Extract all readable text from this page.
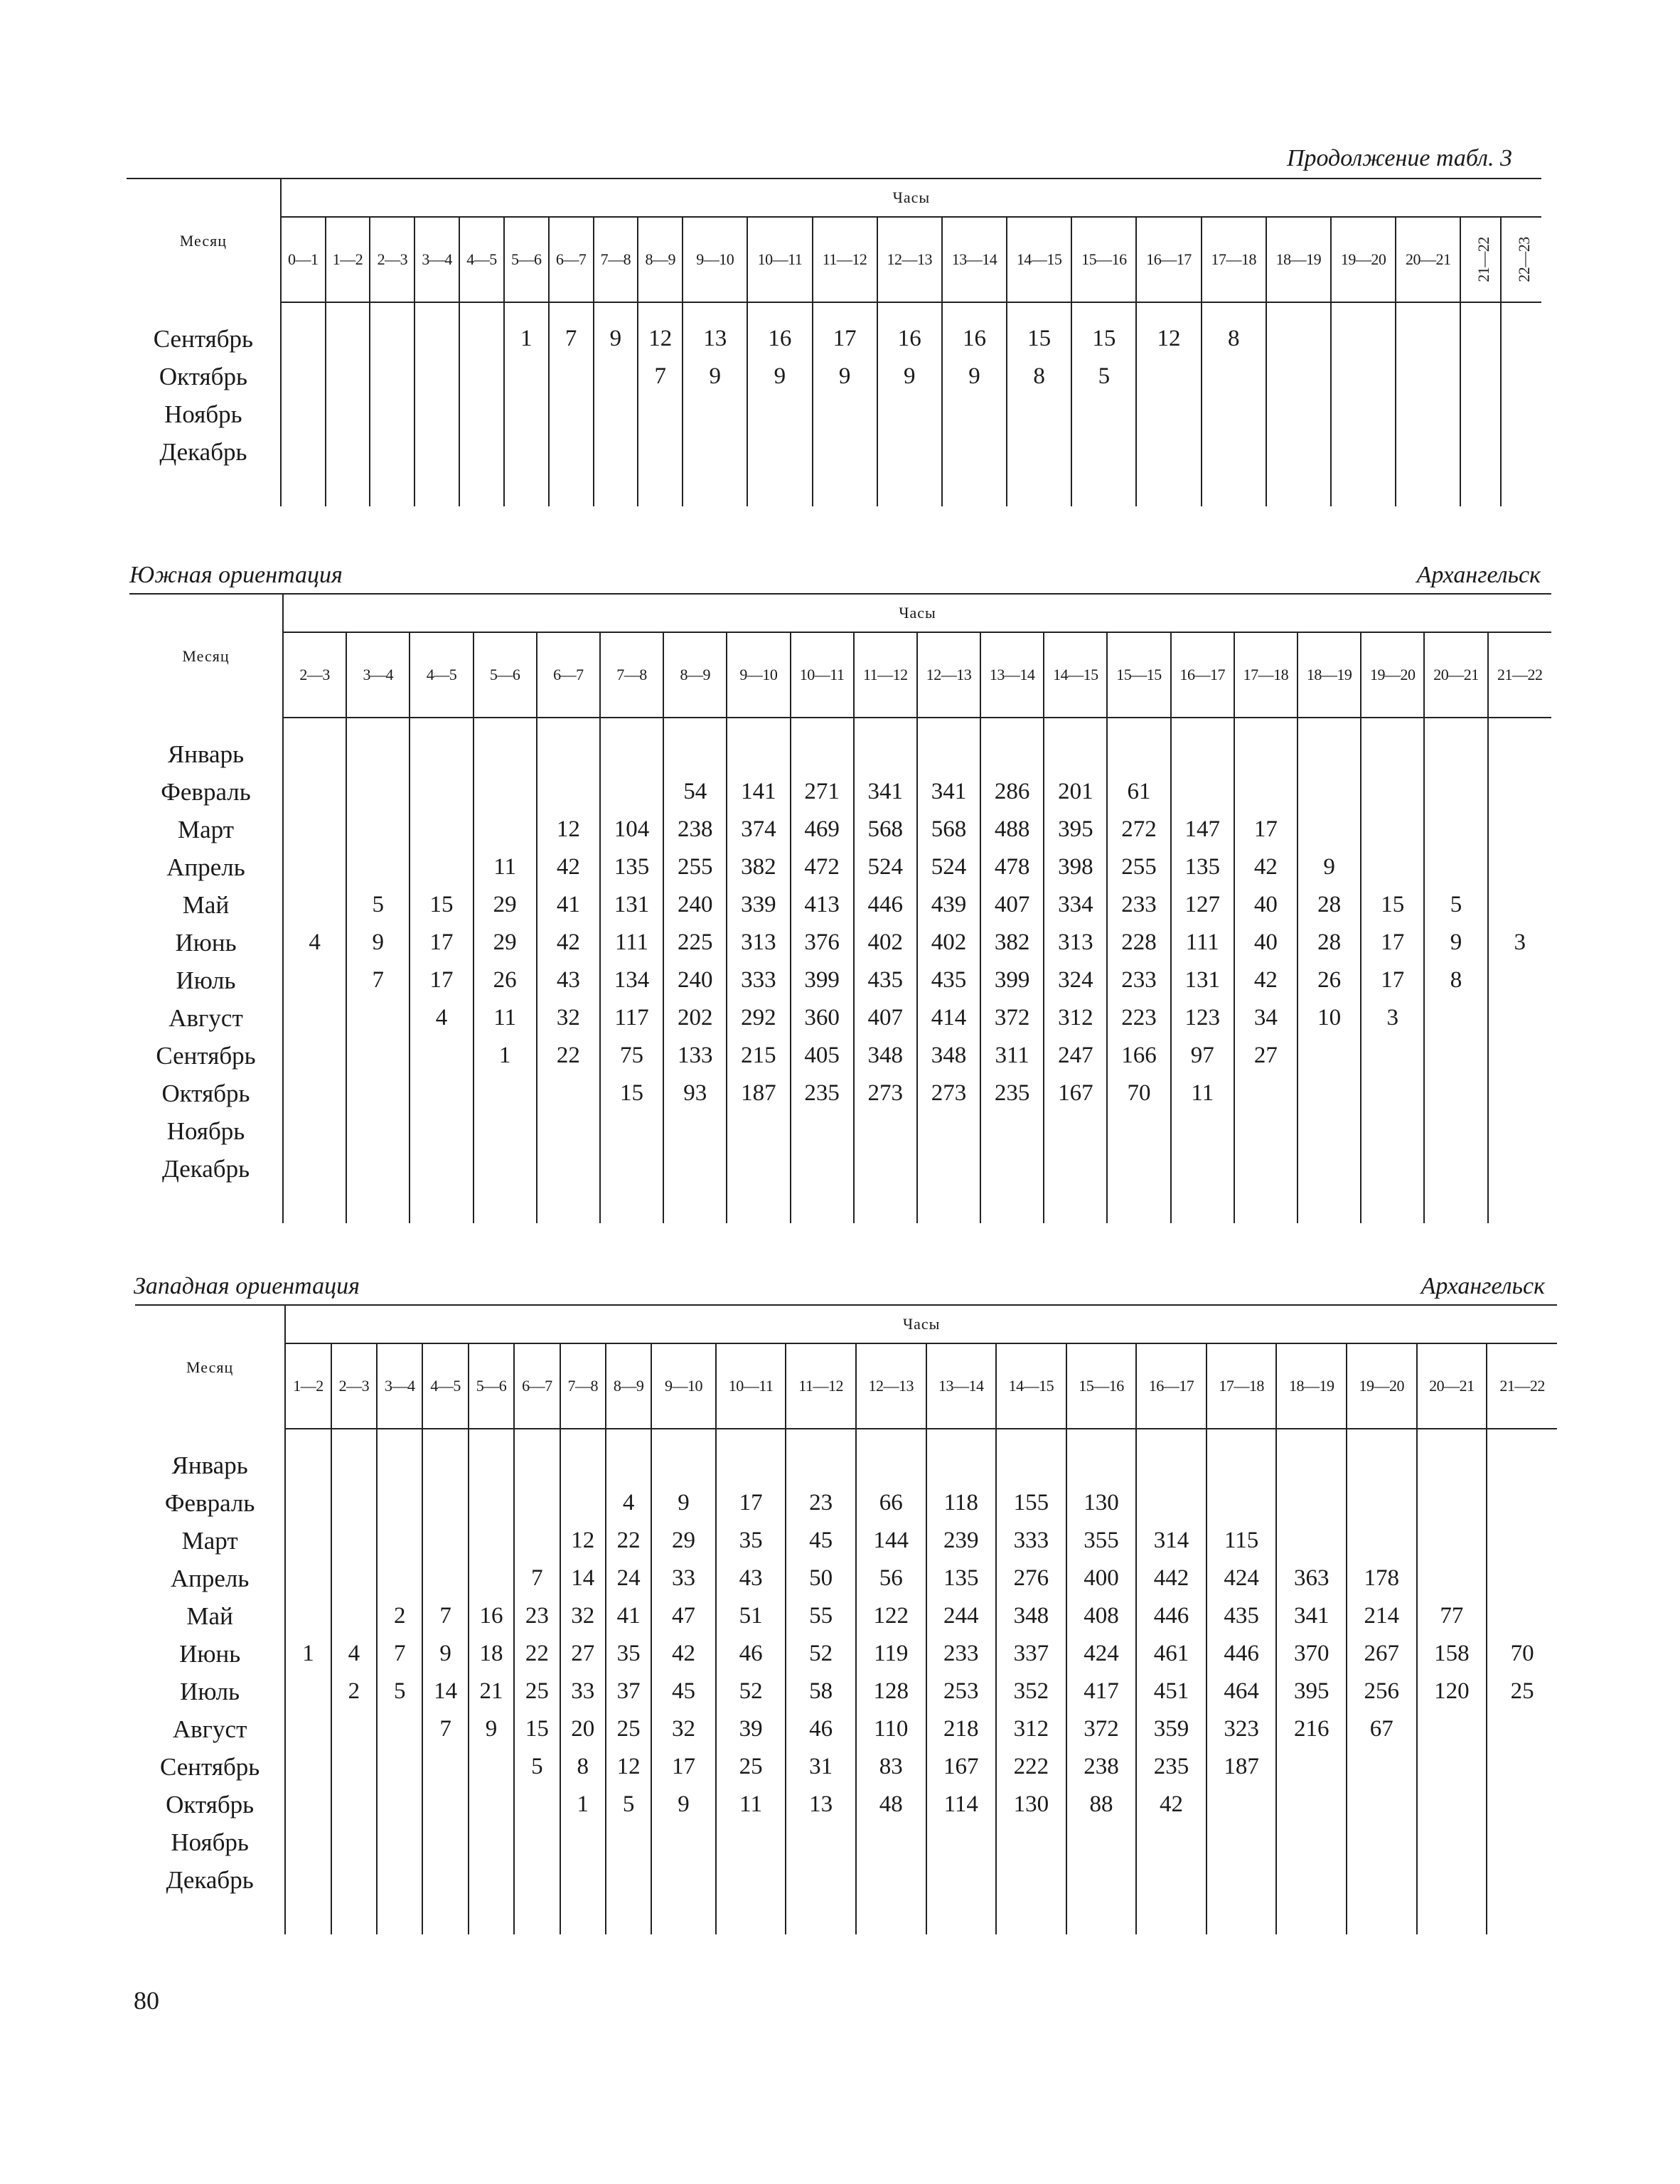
Продолжение табл. 3
Месяц	Часы																						
	0—1	1—2	2—3	3—4	4—5	5—6	6—7	7—8	8—9	9—10	10—11	11—12	12—13	13—14	14—15	15—16	16—17	17—18	18—19	19—20	20—21	21—22	22—23

Сентябрь						1	7	9	12	13	16	17	16	16	15	15	12	8					
Октябрь									7	9	9	9	9	9	8	5							
Ноябрь																							
Декабрь																							

Южная ориентация	Архангельск
Месяц	Часы																			
	2—3	3—4	4—5	5—6	6—7	7—8	8—9	9—10	10—11	11—12	12—13	13—14	14—15	15—15	16—17	17—18	18—19	19—20	20—21	21—22

Январь																				
Февраль							54	141	271	341	341	286	201	61						
Март					12	104	238	374	469	568	568	488	395	272	147	17				
Апрель				11	42	135	255	382	472	524	524	478	398	255	135	42	9			
Май		5	15	29	41	131	240	339	413	446	439	407	334	233	127	40	28	15	5	
Июнь	4	9	17	29	42	111	225	313	376	402	402	382	313	228	111	40	28	17	9	3
Июль		7	17	26	43	134	240	333	399	435	435	399	324	233	131	42	26	17	8	
Август			4	11	32	117	202	292	360	407	414	372	312	223	123	34	10	3		
Сентябрь				1	22	75	133	215	405	348	348	311	247	166	97	27				
Октябрь						15	93	187	235	273	273	235	167	70	11					
Ноябрь																				
Декабрь																				

Западная ориентация	Архангельск
Месяц	Часы																				
	1—2	2—3	3—4	4—5	5—6	6—7	7—8	8—9	9—10	10—11	11—12	12—13	13—14	14—15	15—16	16—17	17—18	18—19	19—20	20—21	21—22

Январь																					
Февраль								4	9	17	23	66	118	155	130						
Март							12	22	29	35	45	144	239	333	355	314	115				
Апрель						7	14	24	33	43	50	56	135	276	400	442	424	363	178		
Май			2	7	16	23	32	41	47	51	55	122	244	348	408	446	435	341	214	77	
Июнь	1	4	7	9	18	22	27	35	42	46	52	119	233	337	424	461	446	370	267	158	70
Июль		2	5	14	21	25	33	37	45	52	58	128	253	352	417	451	464	395	256	120	25
Август				7	9	15	20	25	32	39	46	110	218	312	372	359	323	216	67		
Сентябрь						5	8	12	17	25	31	83	167	222	238	235	187				
Октябрь							1	5	9	11	13	48	114	130	88	42					
Ноябрь																					
Декабрь																					

80
